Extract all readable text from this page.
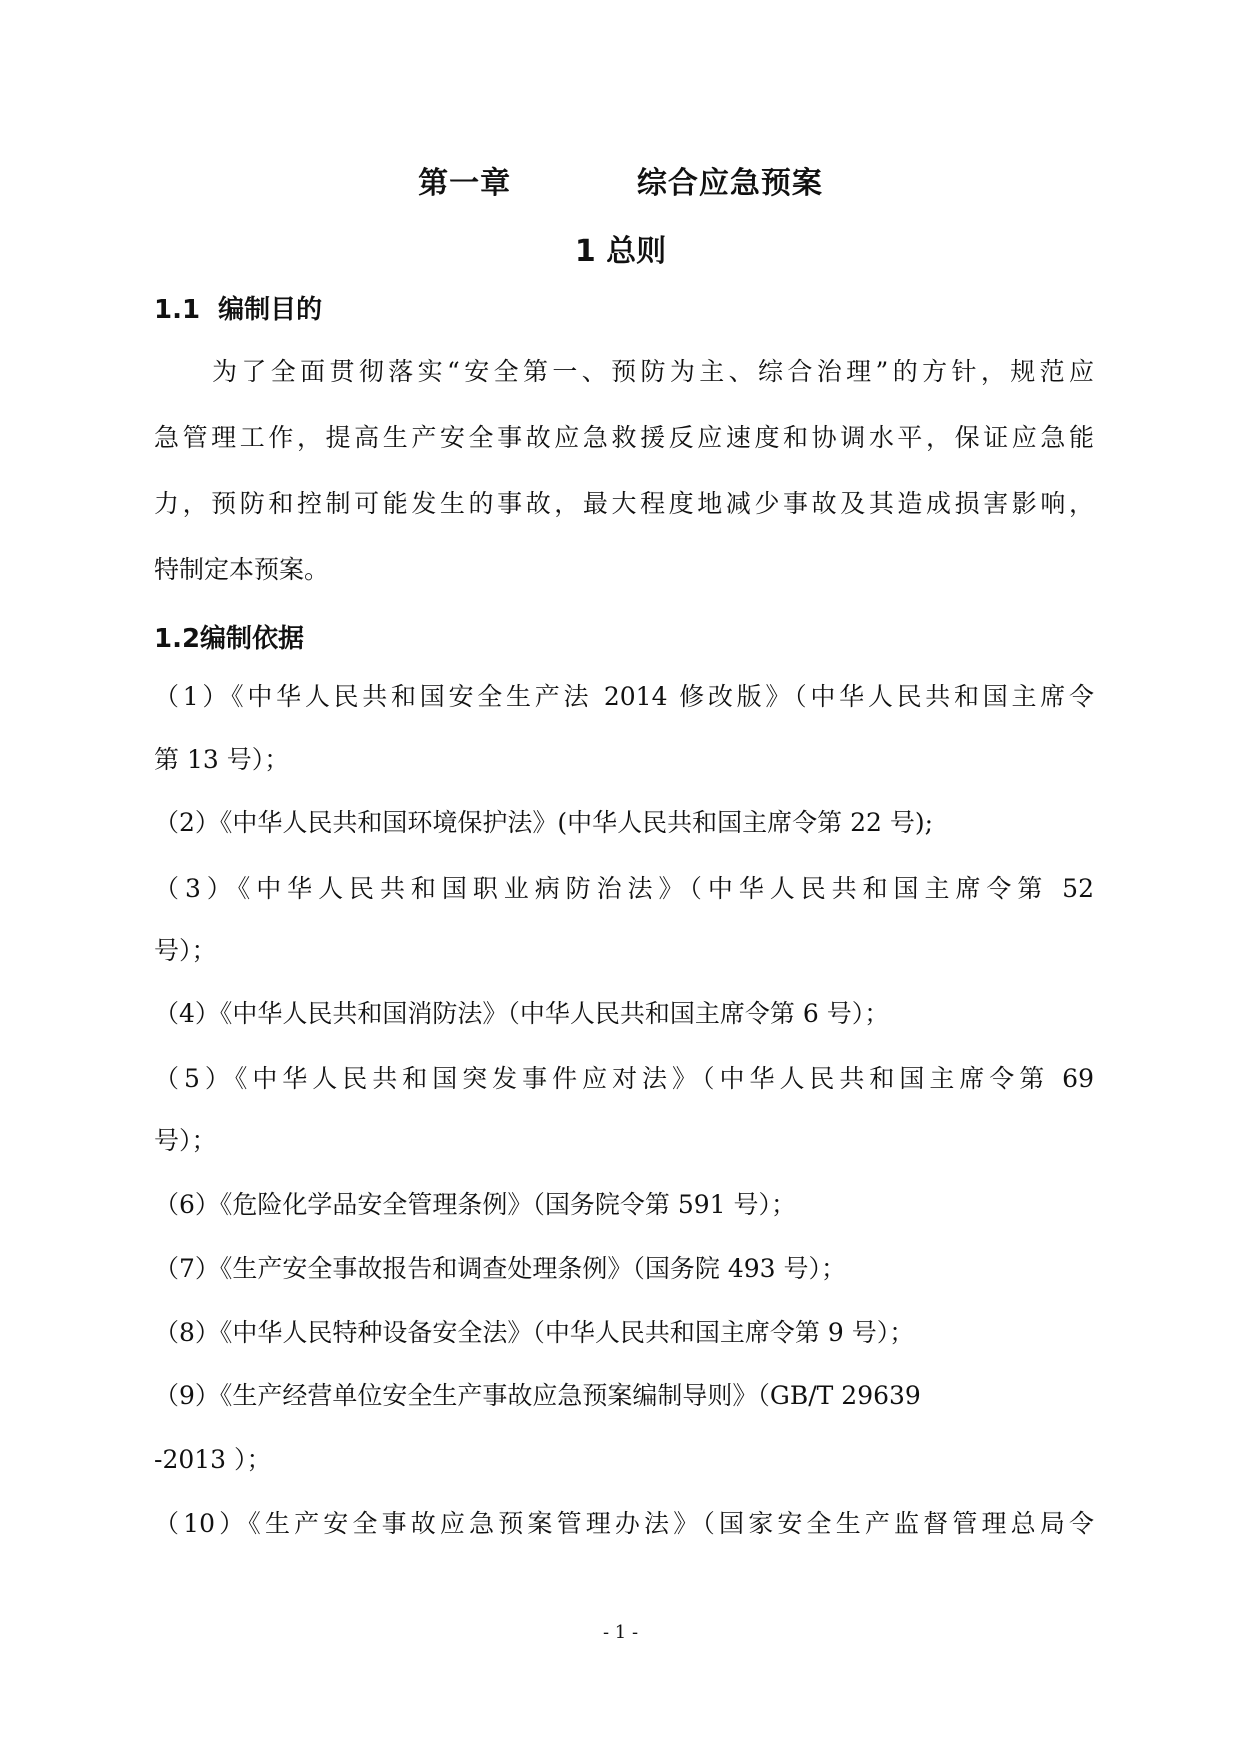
第一章    综合应急预案
1 总则
1.1  编制目的
为了全面贯彻落实“安全第一、预防为主、综合治理”的方针，规范应
急管理工作，提高生产安全事故应急救援反应速度和协调水平，保证应急能
力，预防和控制可能发生的事故，最大程度地减少事故及其造成损害影响，
特制定本预案。
1.2编制依据
（1）《中华人民共和国安全生产法 2014 修改版》（中华人民共和国主席令
第 13 号）；
（2）《中华人民共和国环境保护法》(中华人民共和国主席令第 22 号);
（3）《中华人民共和国职业病防治法》（中华人民共和国主席令第 52
号）；
（4）《中华人民共和国消防法》（中华人民共和国主席令第 6 号）；
（5）《中华人民共和国突发事件应对法》（中华人民共和国主席令第 69
号）；
（6）《危险化学品安全管理条例》（国务院令第 591 号）；
（7）《生产安全事故报告和调查处理条例》（国务院 493 号）；
（8）《中华人民特种设备安全法》（中华人民共和国主席令第 9 号）；
（9）《生产经营单位安全生产事故应急预案编制导则》（GB/T 29639
-2013 ）；
（10）《生产安全事故应急预案管理办法》（国家安全生产监督管理总局令
- 1 -
